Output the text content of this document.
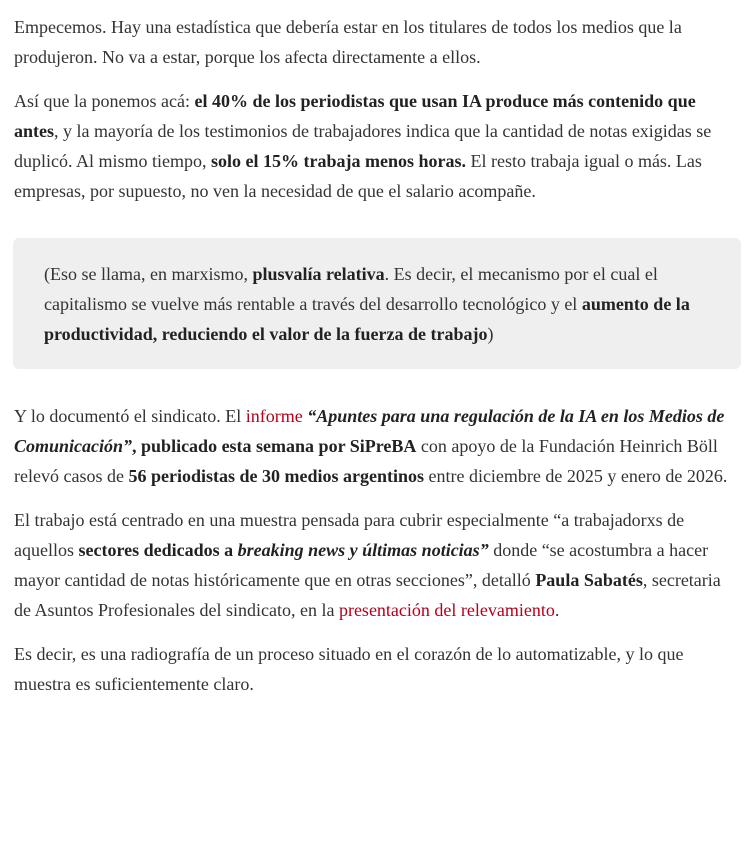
Empecemos. Hay una estadística que debería estar en los titulares de todos los medios que la produjeron. No va a estar, porque los afecta directamente a ellos.

Así que la ponemos acá: el 40% de los periodistas que usan IA produce más contenido que antes, y la mayoría de los testimonios de trabajadores indica que la cantidad de notas exigidas se duplicó. Al mismo tiempo, solo el 15% trabaja menos horas. El resto trabaja igual o más. Las empresas, por supuesto, no ven la necesidad de que el salario acompañe.

(Eso se llama, en marxismo, plusvalía relativa. Es decir, el mecanismo por el cual el capitalismo se vuelve más rentable a través del desarrollo tecnológico y el aumento de la productividad, reduciendo el valor de la fuerza de trabajo)

Y lo documentó el sindicato. El informe “Apuntes para una regulación de la IA en los Medios de Comunicación”, publicado esta semana por SiPreBA con apoyo de la Fundación Heinrich Böll relevó casos de 56 periodistas de 30 medios argentinos entre diciembre de 2025 y enero de 2026.

El trabajo está centrado en una muestra pensada para cubrir especialmente “a trabajadorxs de aquellos sectores dedicados a breaking news y últimas noticias” donde “se acostumbra a hacer mayor cantidad de notas históricamente que en otras secciones”, detalló Paula Sabatés, secretaria de Asuntos Profesionales del sindicato, en la presentación del relevamiento.

Es decir, es una radiografía de un proceso situado en el corazón de lo automatizable, y lo que muestra es suficientemente claro.
